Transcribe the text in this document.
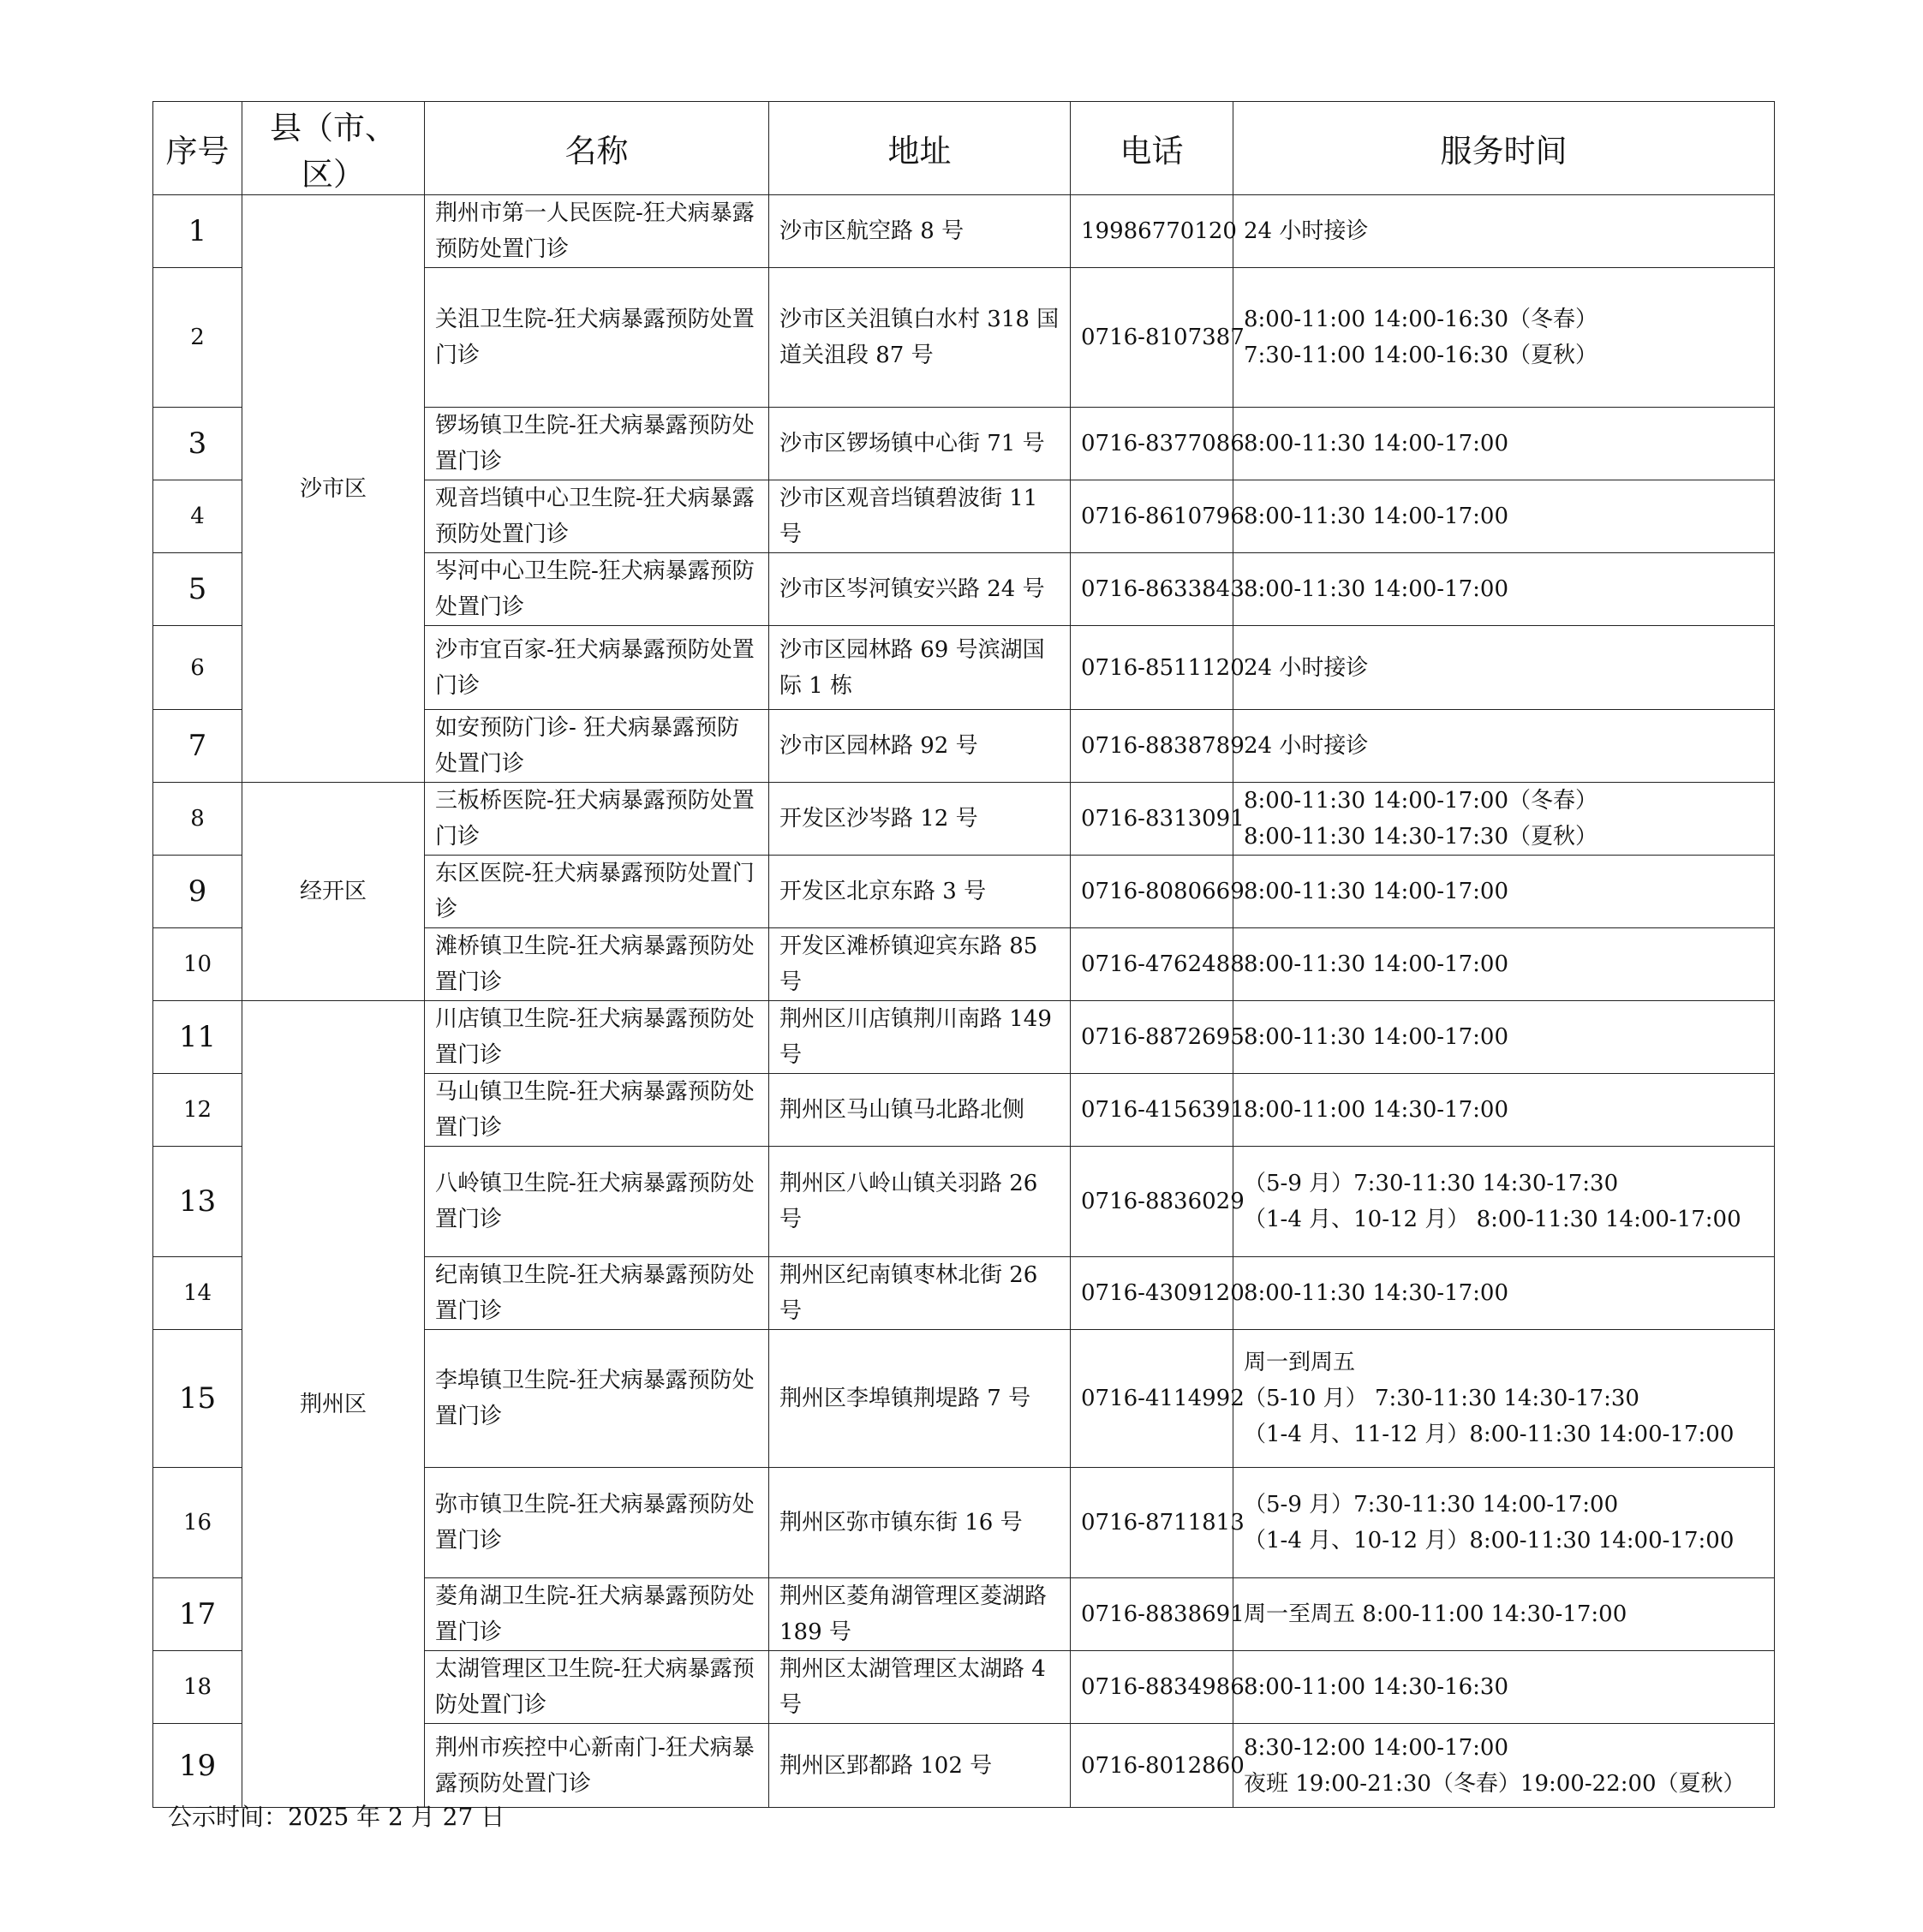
序号	县（市、区）	名称	地址	电话	服务时间
1	沙市区	荆州市第一人民医院-狂犬病暴露预防处置门诊	沙市区航空路 8 号	19986770120	24 小时接诊

2		关沮卫生院-狂犬病暴露预防处置门诊	沙市区关沮镇白水村 318 国道关沮段 87 号	0716-8107387	8:00-11:00 14:00-16:30（冬春）
7:30-11:00 14:00-16:30（夏秋）

3		锣场镇卫生院-狂犬病暴露预防处置门诊	沙市区锣场镇中心街 71 号	0716-8377086	8:00-11:30 14:00-17:00

4		观音垱镇中心卫生院-狂犬病暴露预防处置门诊	沙市区观音垱镇碧波街 11 号	0716-8610796	8:00-11:30 14:00-17:00

5		岑河中心卫生院-狂犬病暴露预防处置门诊	沙市区岑河镇安兴路 24 号	0716-8633843	8:00-11:30 14:00-17:00

6		沙市宜百家-狂犬病暴露预防处置门诊	沙市区园林路 69 号滨湖国际 1 栋	0716-8511120	24 小时接诊

7		如安预防门诊- 狂犬病暴露预防处置门诊	沙市区园林路 92 号	0716-8838789	24 小时接诊

8	经开区	三板桥医院-狂犬病暴露预防处置门诊	开发区沙岑路 12 号	0716-8313091	8:00-11:30 14:00-17:00（冬春）
8:00-11:30 14:30-17:30（夏秋）

9		东区医院-狂犬病暴露预防处置门诊	开发区北京东路 3 号	0716-8080669	8:00-11:30 14:00-17:00

10		滩桥镇卫生院-狂犬病暴露预防处置门诊	开发区滩桥镇迎宾东路 85 号	0716-4762488	8:00-11:30 14:00-17:00

11	荆州区	川店镇卫生院-狂犬病暴露预防处置门诊	荆州区川店镇荆川南路 149 号	0716-8872695	8:00-11:30 14:00-17:00

12		马山镇卫生院-狂犬病暴露预防处置门诊	荆州区马山镇马北路北侧	0716-4156391	8:00-11:00 14:30-17:00

13		八岭镇卫生院-狂犬病暴露预防处置门诊	荆州区八岭山镇关羽路 26 号	0716-8836029	（5-9 月）7:30-11:30 14:30-17:30
（1-4 月、10-12 月） 8:00-11:30 14:00-17:00

14		纪南镇卫生院-狂犬病暴露预防处置门诊	荆州区纪南镇枣林北街 26 号	0716-4309120	8:00-11:30 14:30-17:00

15		李埠镇卫生院-狂犬病暴露预防处置门诊	荆州区李埠镇荆堤路 7 号	0716-4114992	周一到周五
（5-10 月） 7:30-11:30 14:30-17:30
（1-4 月、11-12 月）8:00-11:30 14:00-17:00

16		弥市镇卫生院-狂犬病暴露预防处置门诊	荆州区弥市镇东街 16 号	0716-8711813	（5-9 月）7:30-11:30 14:00-17:00
（1-4 月、10-12 月）8:00-11:30 14:00-17:00

17		菱角湖卫生院-狂犬病暴露预防处置门诊	荆州区菱角湖管理区菱湖路 189 号	0716-8838691	周一至周五 8:00-11:00 14:30-17:00

18		太湖管理区卫生院-狂犬病暴露预防处置门诊	荆州区太湖管理区太湖路 4 号	0716-8834986	8:00-11:00 14:30-16:30

19		荆州市疾控中心新南门-狂犬病暴露预防处置门诊	荆州区郢都路 102 号	0716-8012860	8:30-12:00 14:00-17:00
夜班 19:00-21:30（冬春）19:00-22:00（夏秋）
公示时间：2025 年 2 月 27 日
